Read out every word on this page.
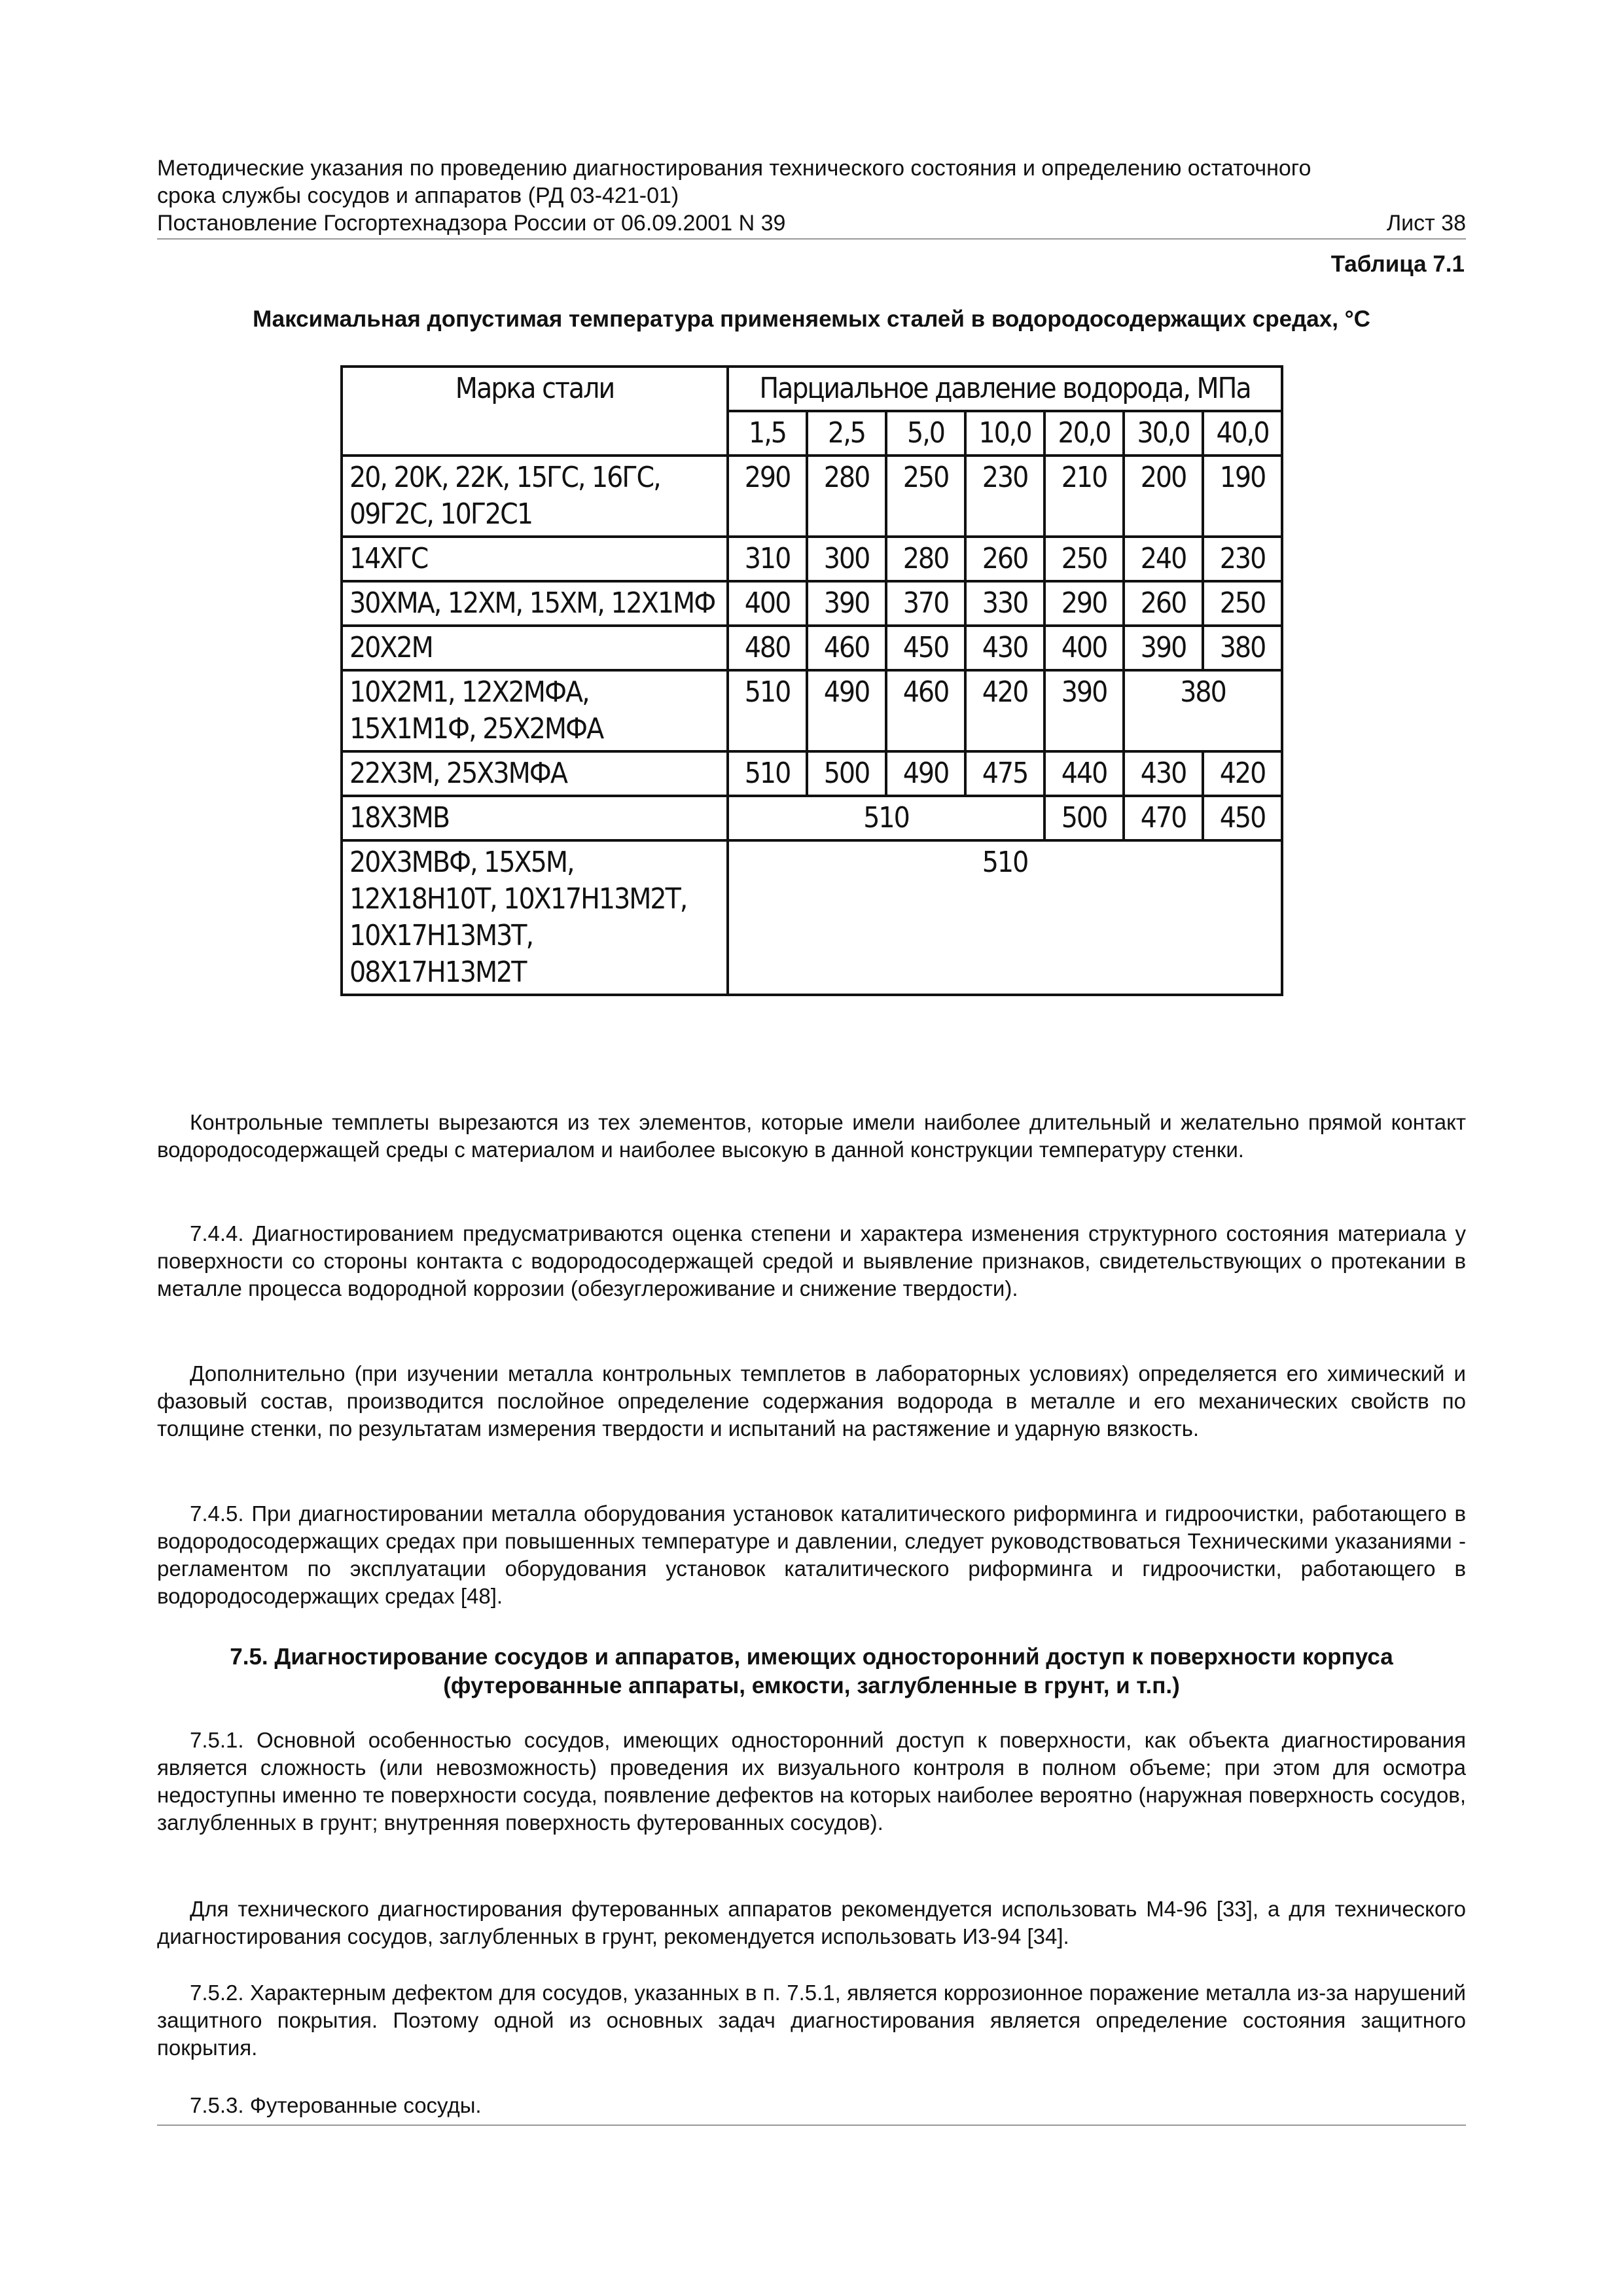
Методические указания по проведению диагностирования технического состояния и определению остаточного
срока службы сосудов и аппаратов (РД 03-421-01)
Постановление Госгортехнадзора России от 06.09.2001 N 39	Лист 38
Таблица 7.1
Максимальная допустимая температура применяемых сталей в водородосодержащих средах, °С
Марка стали	Парциальное давление водорода, МПа						
	1,5	2,5	5,0	10,0	20,0	30,0	40,0
20, 20К, 22К, 15ГС, 16ГС, 09Г2С, 10Г2С1	290	280	250	230	210	200	190
14ХГС	310	300	280	260	250	240	230
30ХМА, 12ХМ, 15ХМ, 12Х1МФ	400	390	370	330	290	260	250
20Х2М	480	460	450	430	400	390	380
10Х2М1, 12Х2МФА, 15Х1М1Ф, 25Х2МФА	510	490	460	420	390	380	
22Х3М, 25Х3МФА	510	500	490	475	440	430	420
18Х3МВ	510				500	470	450

20Х3МВФ, 15Х5М,
12Х18Н10Т, 10Х17Н13М2Т,
10Х17Н13М3Т,
08Х17Н13М2Т	510						
Контрольные темплеты вырезаются из тех элементов, которые имели наиболее длительный и желательно прямой контакт водородосодержащей среды с материалом и наиболее высокую в данной конструкции температуру стенки.
7.4.4. Диагностированием предусматриваются оценка степени и характера изменения структурного состояния материала у поверхности со стороны контакта с водородосодержащей средой и выявление признаков, свидетельствующих о протекании в металле процесса водородной коррозии (обезуглероживание и снижение твердости).
Дополнительно (при изучении металла контрольных темплетов в лабораторных условиях) определяется его химический и фазовый состав, производится послойное определение содержания водорода в металле и его механических свойств по толщине стенки, по результатам измерения твердости и испытаний на растяжение и ударную вязкость.
7.4.5. При диагностировании металла оборудования установок каталитического риформинга и гидроочистки, работающего в водородосодержащих средах при повышенных температуре и давлении, следует руководствоваться Техническими указаниями - регламентом по эксплуатации оборудования установок каталитического риформинга и гидроочистки, работающего в водородосодержащих средах [48].
7.5. Диагностирование сосудов и аппаратов, имеющих односторонний доступ к поверхности корпуса
(футерованные аппараты, емкости, заглубленные в грунт, и т.п.)
7.5.1. Основной особенностью сосудов, имеющих односторонний доступ к поверхности, как объекта диагностирования является сложность (или невозможность) проведения их визуального контроля в полном объеме; при этом для осмотра недоступны именно те поверхности сосуда, появление дефектов на которых наиболее вероятно (наружная поверхность сосудов, заглубленных в грунт; внутренняя поверхность футерованных сосудов).
Для технического диагностирования футерованных аппаратов рекомендуется использовать М4-96 [33], а для технического диагностирования сосудов, заглубленных в грунт, рекомендуется использовать И3-94 [34].
7.5.2. Характерным дефектом для сосудов, указанных в п. 7.5.1, является коррозионное поражение металла из-за нарушений защитного покрытия. Поэтому одной из основных задач диагностирования является определение состояния защитного покрытия.
7.5.3. Футерованные сосуды.
